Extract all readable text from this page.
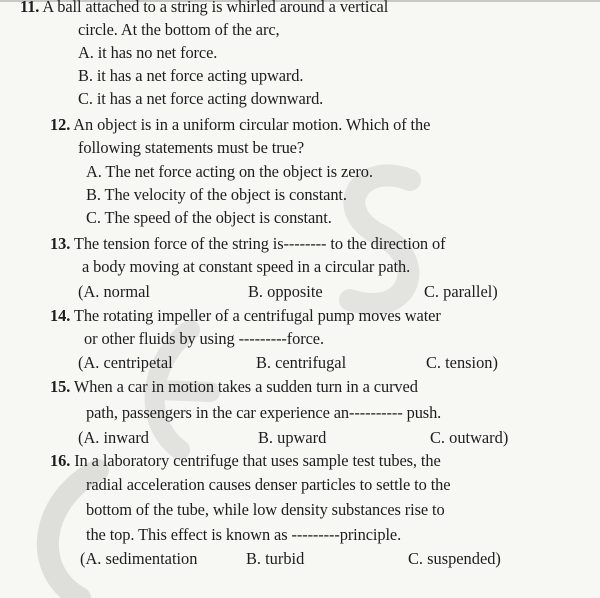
11. A ball attached to a string is whirled around a vertical
circle. At the bottom of the arc,
A. it has no net force.
B. it has a net force acting upward.
C. it has a net force acting downward.
12. An object is in a uniform circular motion. Which of the
following statements must be true?
A. The net force acting on the object is zero.
B. The velocity of the object is constant.
C. The speed of the object is constant.
13. The tension force of the string is-------- to the direction of
a body moving at constant speed in a circular path.
(A. normal	B. opposite	C. parallel)
14. The rotating impeller of a centrifugal pump moves water
or other fluids by using ---------force.
(A. centripetal	B. centrifugal	C. tension)
15. When a car in motion takes a sudden turn in a curved
path, passengers in the car experience an---------- push.
(A. inward	B. upward	C. outward)
16. In a laboratory centrifuge that uses sample test tubes, the
radial acceleration causes denser particles to settle to the
bottom of the tube, while low density substances rise to
the top. This effect is known as ---------principle.
(A. sedimentation	B. turbid	C. suspended)
